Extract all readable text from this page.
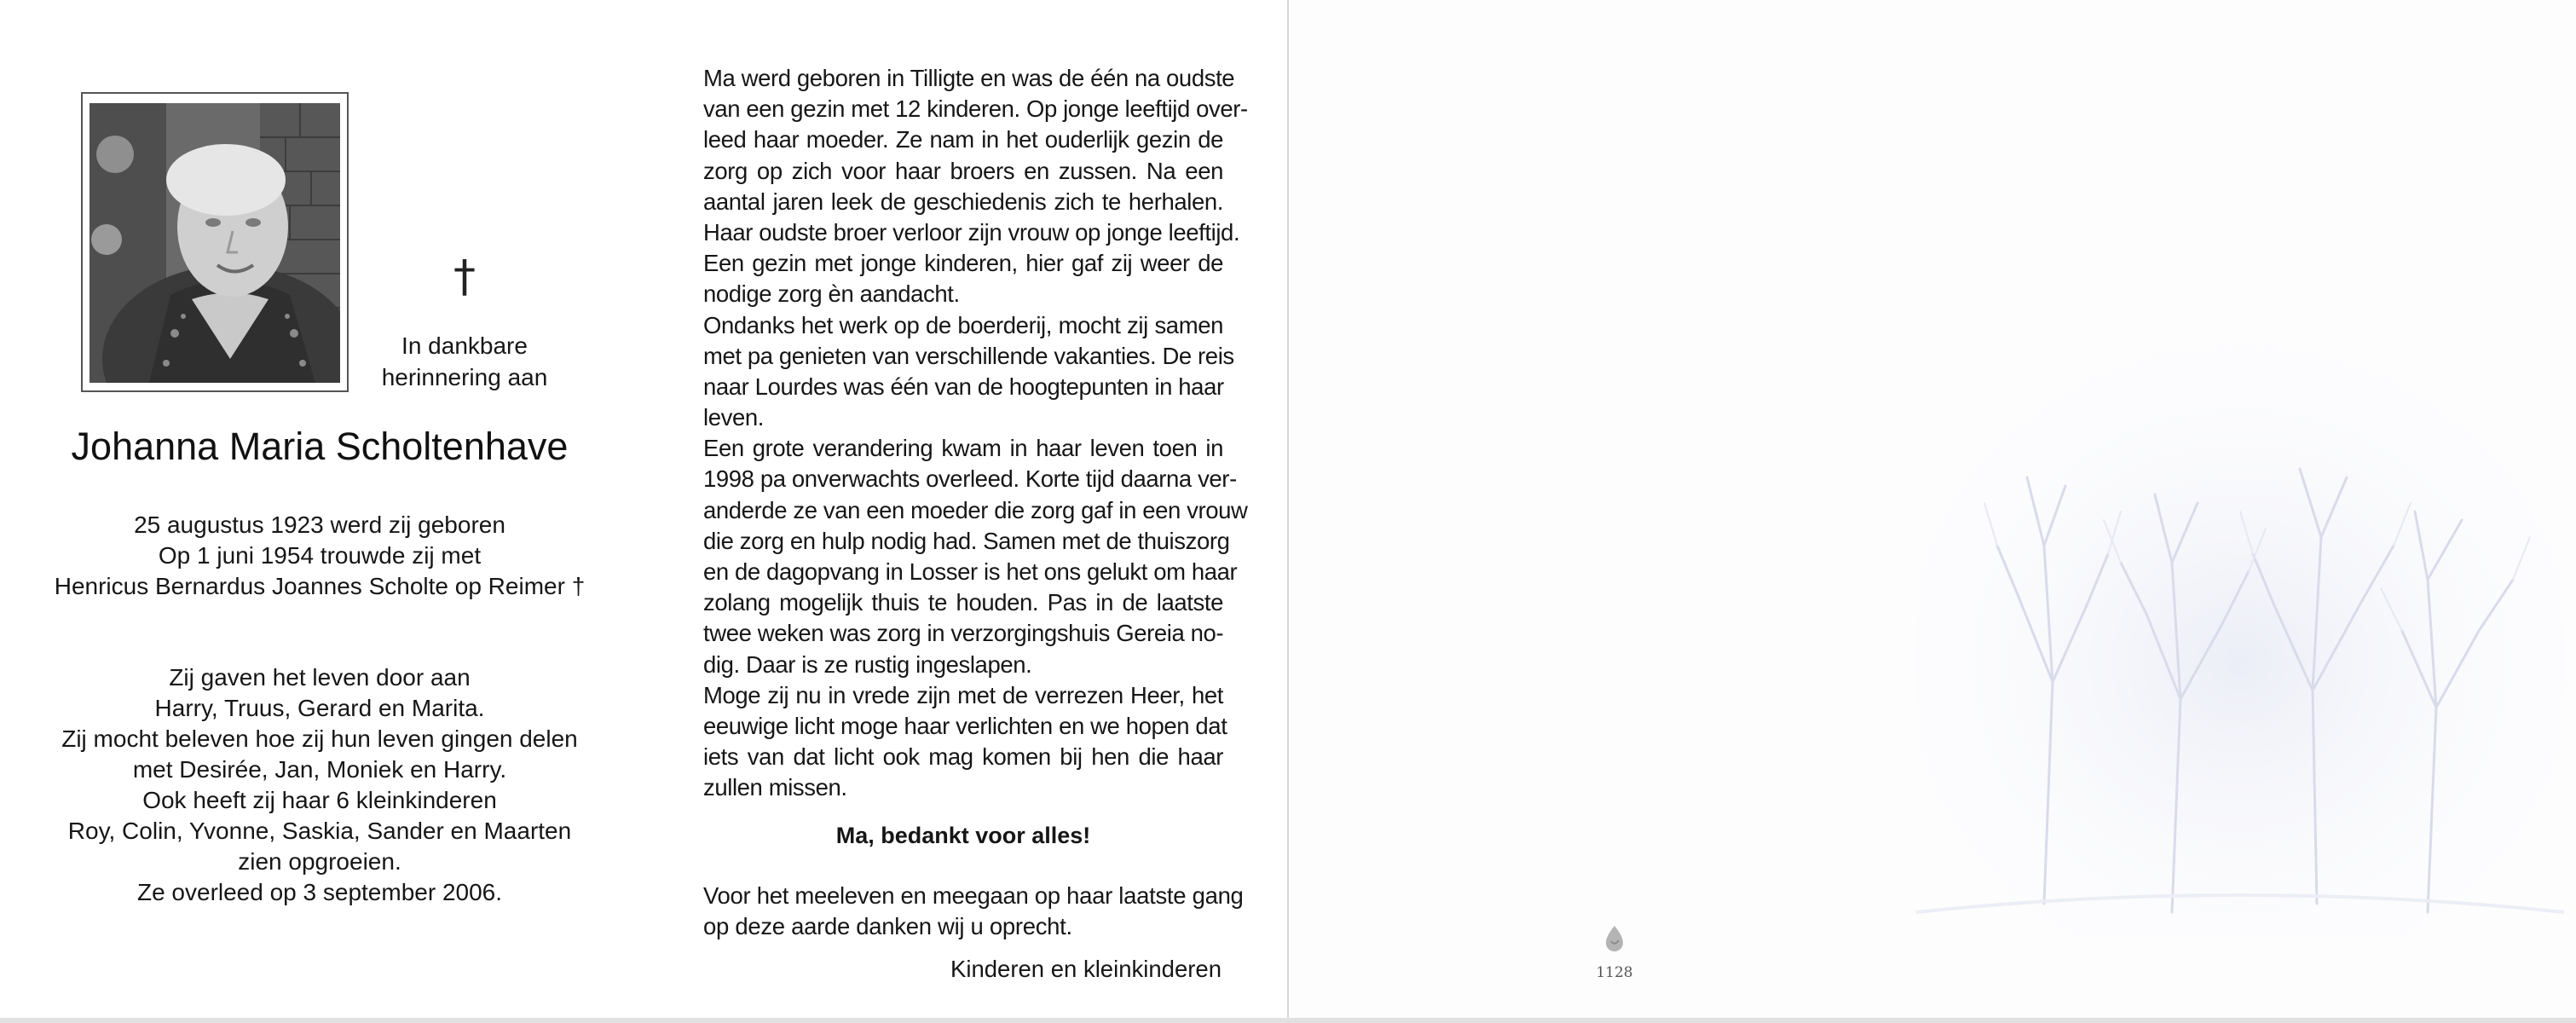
†
In dankbare
herinnering aan
Johanna Maria Scholtenhave
25 augustus 1923 werd zij geboren
Op 1 juni 1954 trouwde zij met
Henricus Bernardus Joannes Scholte op Reimer †
Zij gaven het leven door aan
Harry, Truus, Gerard en Marita.
Zij mocht beleven hoe zij hun leven gingen delen
met Desirée, Jan, Moniek en Harry.
Ook heeft zij haar 6 kleinkinderen
Roy, Colin, Yvonne, Saskia, Sander en Maarten
zien opgroeien.
Ze overleed op 3 september 2006.
Ma werd geboren in Tilligte en was de één na oudste
van een gezin met 12 kinderen. Op jonge leeftijd over-
leed haar moeder. Ze nam in het ouderlijk gezin de
zorg op zich voor haar broers en zussen. Na een
aantal jaren leek de geschiedenis zich te herhalen.
Haar oudste broer verloor zijn vrouw op jonge leeftijd.
Een gezin met jonge kinderen, hier gaf zij weer de
nodige zorg èn aandacht.
Ondanks het werk op de boerderij, mocht zij samen
met pa genieten van verschillende vakanties. De reis
naar Lourdes was één van de hoogtepunten in haar
leven.
Een grote verandering kwam in haar leven toen in
1998 pa onverwachts overleed. Korte tijd daarna ver-
anderde ze van een moeder die zorg gaf in een vrouw
die zorg en hulp nodig had. Samen met de thuiszorg
en de dagopvang in Losser is het ons gelukt om haar
zolang mogelijk thuis te houden. Pas in de laatste
twee weken was zorg in verzorgingshuis Gereia no-
dig. Daar is ze rustig ingeslapen.
Moge zij nu in vrede zijn met de verrezen Heer, het
eeuwige licht moge haar verlichten en we hopen dat
iets van dat licht ook mag komen bij hen die haar
zullen missen.
Ma, bedankt voor alles!
Voor het meeleven en meegaan op haar laatste gang
op deze aarde danken wij u oprecht.
Kinderen en kleinkinderen	1128
